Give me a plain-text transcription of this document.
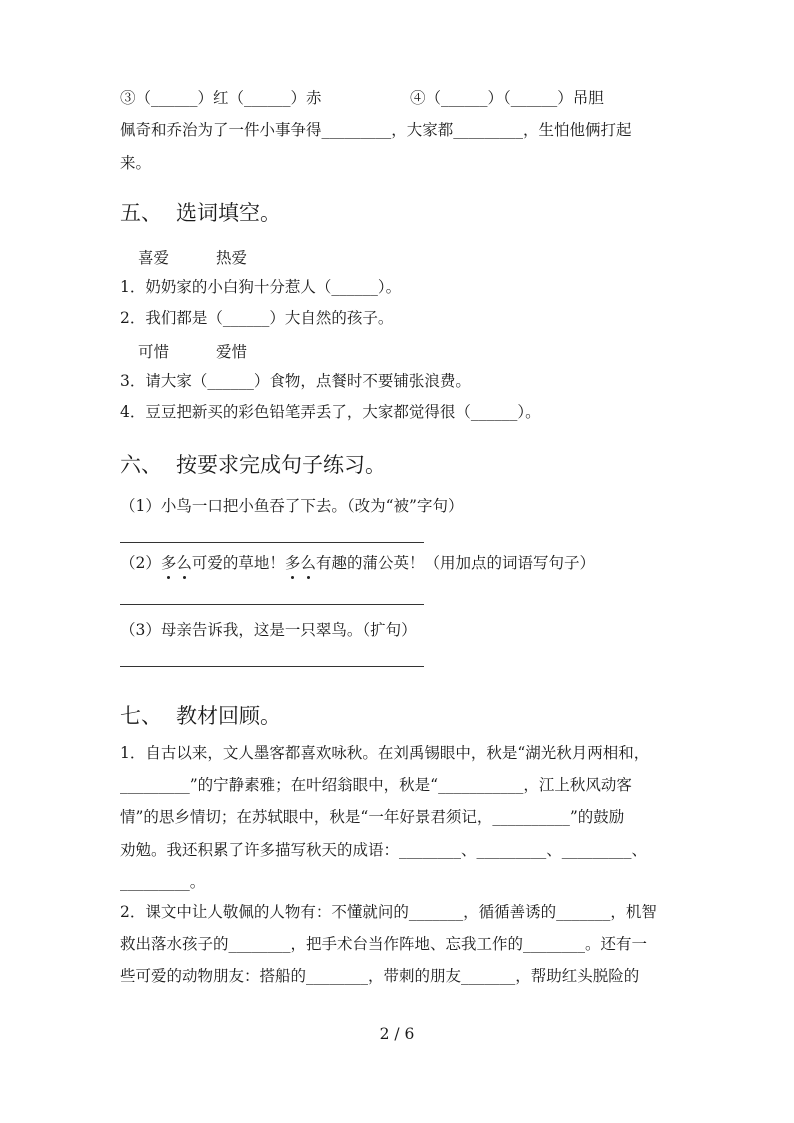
③（______）红（______）赤	④（______）（______）吊胆
佩奇和乔治为了一件小事争得_________，大家都_________，生怕他俩打起
来。
五、 选词填空。
喜爱	热爱
1．奶奶家的小白狗十分惹人（______）。
2．我们都是（______）大自然的孩子。
可惜	爱惜
3．请大家（______）食物，点餐时不要铺张浪费。
4．豆豆把新买的彩色铅笔弄丢了，大家都觉得很（______）。
六、 按要求完成句子练习。
（1）小鸟一口把小鱼吞了下去。（改为“被”字句）
（2）多么可爱的草地！多么有趣的蒲公英！（用加点的词语写句子）
（3）母亲告诉我，这是一只翠鸟。（扩句）
七、 教材回顾。
1．自古以来，文人墨客都喜欢咏秋。在刘禹锡眼中，秋是“湖光秋月两相和，
_________”的宁静素雅；在叶绍翁眼中，秋是“___________，江上秋风动客
情”的思乡情切；在苏轼眼中，秋是“一年好景君须记，__________”的鼓励
劝勉。我还积累了许多描写秋天的成语：________、_________、_________、
_________。
2．课文中让人敬佩的人物有：不懂就问的_______，循循善诱的_______，机智
救出落水孩子的________，把手术台当作阵地、忘我工作的________。还有一
些可爱的动物朋友：搭船的________，带刺的朋友_______，帮助红头脱险的
2 / 6
